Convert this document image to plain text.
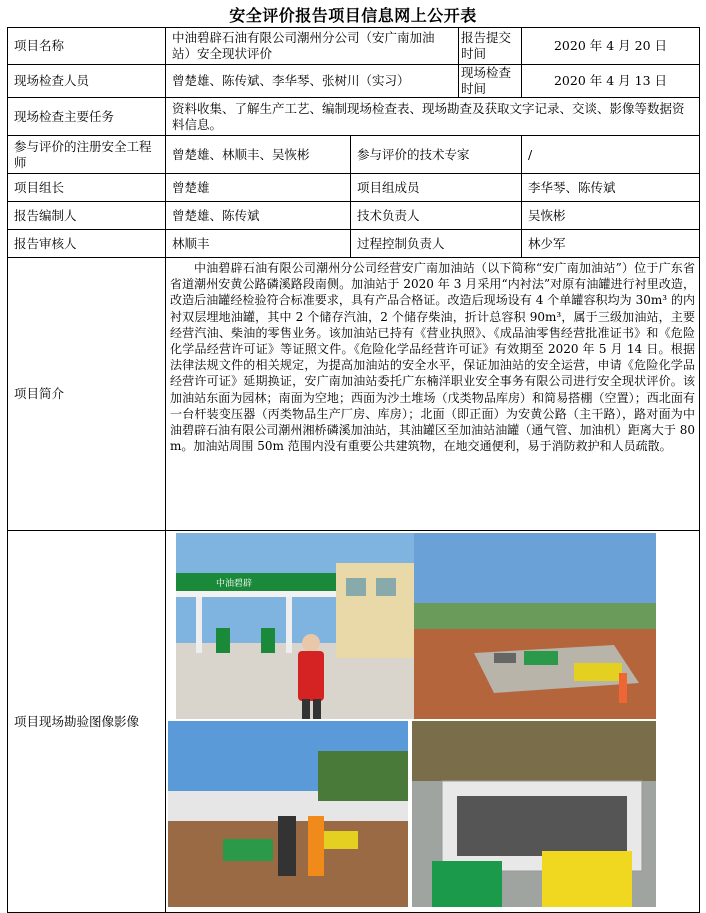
安全评价报告项目信息网上公开表
项目名称	中油碧辟石油有限公司潮州分公司（安广南加油站）安全现状评价		报告提交时间	2020 年 4 月 20 日
现场检查人员	曾楚雄、陈传斌、李华琴、张树川（实习）		现场检查时间	2020 年 4 月 13 日
现场检查主要任务	资料收集、了解生产工艺、编制现场检查表、现场勘查及获取文字记录、交谈、影像等数据资料信息。			
参与评价的注册安全工程师	曾楚雄、林顺丰、吴恢彬	参与评价的技术专家		/
项目组长	曾楚雄	项目组成员		李华琴、陈传斌
报告编制人	曾楚雄、陈传斌	技术负责人		吴恢彬
报告审核人	林顺丰	过程控制负责人		林少军
项目简介	中油碧辟石油有限公司潮州分公司经营安广南加油站（以下简称“安广南加油站”）位于广东省省道潮州安黄公路磷溪路段南侧。加油站于 2020 年 3 月采用“内衬法”对原有油罐进行衬里改造，改造后油罐经检验符合标准要求，具有产品合格证。改造后现场设有 4 个单罐容积均为 30m³ 的内衬双层埋地油罐，其中 2 个储存汽油，2 个储存柴油，折计总容积 90m³，属于三级加油站，主要经营汽油、柴油的零售业务。该加油站已持有《营业执照》、《成品油零售经营批准证书》和《危险化学品经营许可证》等证照文件。《危险化学品经营许可证》有效期至 2020 年 5 月 14 日。根据法律法规文件的相关规定，为提高加油站的安全水平，保证加油站的安全运营，申请《危险化学品经营许可证》延期换证，安广南加油站委托广东楠洋职业安全事务有限公司进行安全现状评价。该加油站东面为园林；南面为空地；西面为沙土堆场（戊类物品库房）和简易搭棚（空置）；西北面有一台杆装变压器（丙类物品生产厂房、库房）；北面（即正面）为安黄公路（主干路），路对面为中油碧辟石油有限公司潮州湘桥磷溪加油站，其油罐区至加油站油罐（通气管、加油机）距离大于 80m。加油站周围 50m 范围内没有重要公共建筑物，在地交通便利，易于消防救护和人员疏散。			
项目现场勘验图像影像	中油碧辟			
